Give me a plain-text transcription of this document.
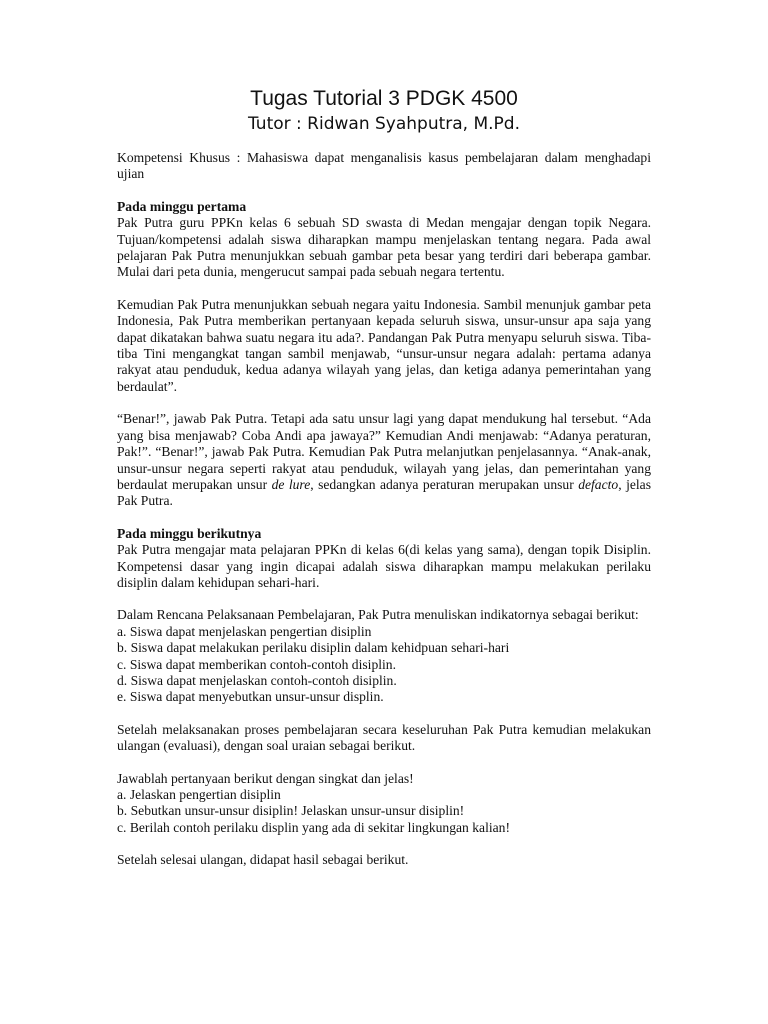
Tugas Tutorial 3 PDGK 4500

Tutor : Ridwan Syahputra, M.Pd.

Kompetensi Khusus : Mahasiswa dapat menganalisis kasus pembelajaran dalam menghadapi ujian

Pada minggu pertama

Pak Putra guru PPKn kelas 6 sebuah SD swasta di Medan mengajar dengan topik Negara. Tujuan/kompetensi adalah siswa diharapkan mampu menjelaskan tentang negara. Pada awal pelajaran Pak Putra menunjukkan sebuah gambar peta besar yang terdiri dari beberapa gambar. Mulai dari peta dunia, mengerucut sampai pada sebuah negara tertentu.

Kemudian Pak Putra menunjukkan sebuah negara yaitu Indonesia. Sambil menunjuk gambar peta Indonesia, Pak Putra memberikan pertanyaan kepada seluruh siswa, unsur-unsur apa saja yang dapat dikatakan bahwa suatu negara itu ada?. Pandangan Pak Putra menyapu seluruh siswa. Tiba-tiba Tini mengangkat tangan sambil menjawab, “unsur-unsur negara adalah: pertama adanya rakyat atau penduduk, kedua adanya wilayah yang jelas, dan ketiga adanya pemerintahan yang berdaulat”.

“Benar!”, jawab Pak Putra. Tetapi ada satu unsur lagi yang dapat mendukung hal tersebut. “Ada yang bisa menjawab? Coba Andi apa jawaya?” Kemudian Andi menjawab: “Adanya peraturan, Pak!”. “Benar!”, jawab Pak Putra. Kemudian Pak Putra melanjutkan penjelasannya. “Anak-anak, unsur-unsur negara seperti rakyat atau penduduk, wilayah yang jelas, dan pemerintahan yang berdaulat merupakan unsur de lure, sedangkan adanya peraturan merupakan unsur defacto, jelas Pak Putra.

Pada minggu berikutnya

Pak Putra mengajar mata pelajaran PPKn di kelas 6(di kelas yang sama), dengan topik Disiplin. Kompetensi dasar yang ingin dicapai adalah siswa diharapkan mampu melakukan perilaku disiplin dalam kehidupan sehari-hari.

Dalam Rencana Pelaksanaan Pembelajaran, Pak Putra menuliskan indikatornya sebagai berikut:

a. Siswa dapat menjelaskan pengertian disiplin
b. Siswa dapat melakukan perilaku disiplin dalam kehidpuan sehari-hari
c. Siswa dapat memberikan contoh-contoh disiplin.
d. Siswa dapat menjelaskan contoh-contoh disiplin.
e. Siswa dapat menyebutkan unsur-unsur displin.

Setelah melaksanakan proses pembelajaran secara keseluruhan Pak Putra kemudian melakukan ulangan (evaluasi), dengan soal uraian sebagai berikut.

Jawablah pertanyaan berikut dengan singkat dan jelas!

a. Jelaskan pengertian disiplin
b. Sebutkan unsur-unsur disiplin! Jelaskan unsur-unsur disiplin!
c. Berilah contoh perilaku displin yang ada di sekitar lingkungan kalian!

Setelah selesai ulangan, didapat hasil sebagai berikut.
